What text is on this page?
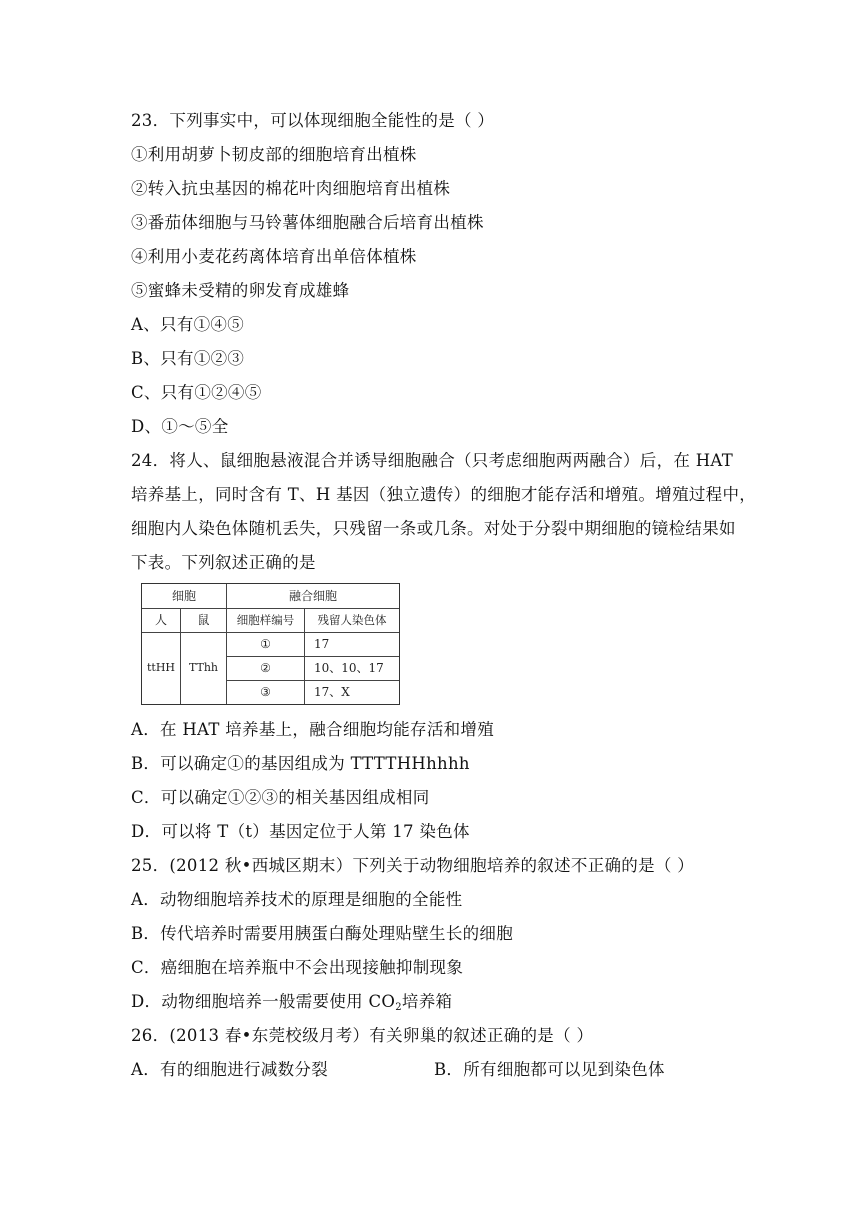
23．下列事实中，可以体现细胞全能性的是（ ）
①利用胡萝卜韧皮部的细胞培育出植株
②转入抗虫基因的棉花叶肉细胞培育出植株
③番茄体细胞与马铃薯体细胞融合后培育出植株
④利用小麦花药离体培育出单倍体植株
⑤蜜蜂未受精的卵发育成雄蜂
A、只有①④⑤
B、只有①②③
C、只有①②④⑤
D、①～⑤全
24．将人、鼠细胞悬液混合并诱导细胞融合（只考虑细胞两两融合）后，在 HAT
培养基上，同时含有 T、H 基因（独立遗传）的细胞才能存活和增殖。增殖过程中，
细胞内人染色体随机丢失，只残留一条或几条。对处于分裂中期细胞的镜检结果如
下表。下列叙述正确的是
细胞	融合细胞
人	鼠	细胞样编号	残留人染色体
ttHH	TThh
①	17
②	10、10、17
③	17、X
A．在 HAT 培养基上，融合细胞均能存活和增殖
B．可以确定①的基因组成为 TTTTHHhhhh
C．可以确定①②③的相关基因组成相同
D．可以将 T（t）基因定位于人第 17 染色体
25．(2012 秋•西城区期末）下列关于动物细胞培养的叙述不正确的是（ ）
A．动物细胞培养技术的原理是细胞的全能性
B．传代培养时需要用胰蛋白酶处理贴壁生长的细胞
C．癌细胞在培养瓶中不会出现接触抑制现象
D．动物细胞培养一般需要使用 $CO_2$培养箱
26．(2013 春•东莞校级月考）有关卵巢的叙述正确的是（ ）
A．有的细胞进行减数分裂	B．所有细胞都可以见到染色体
